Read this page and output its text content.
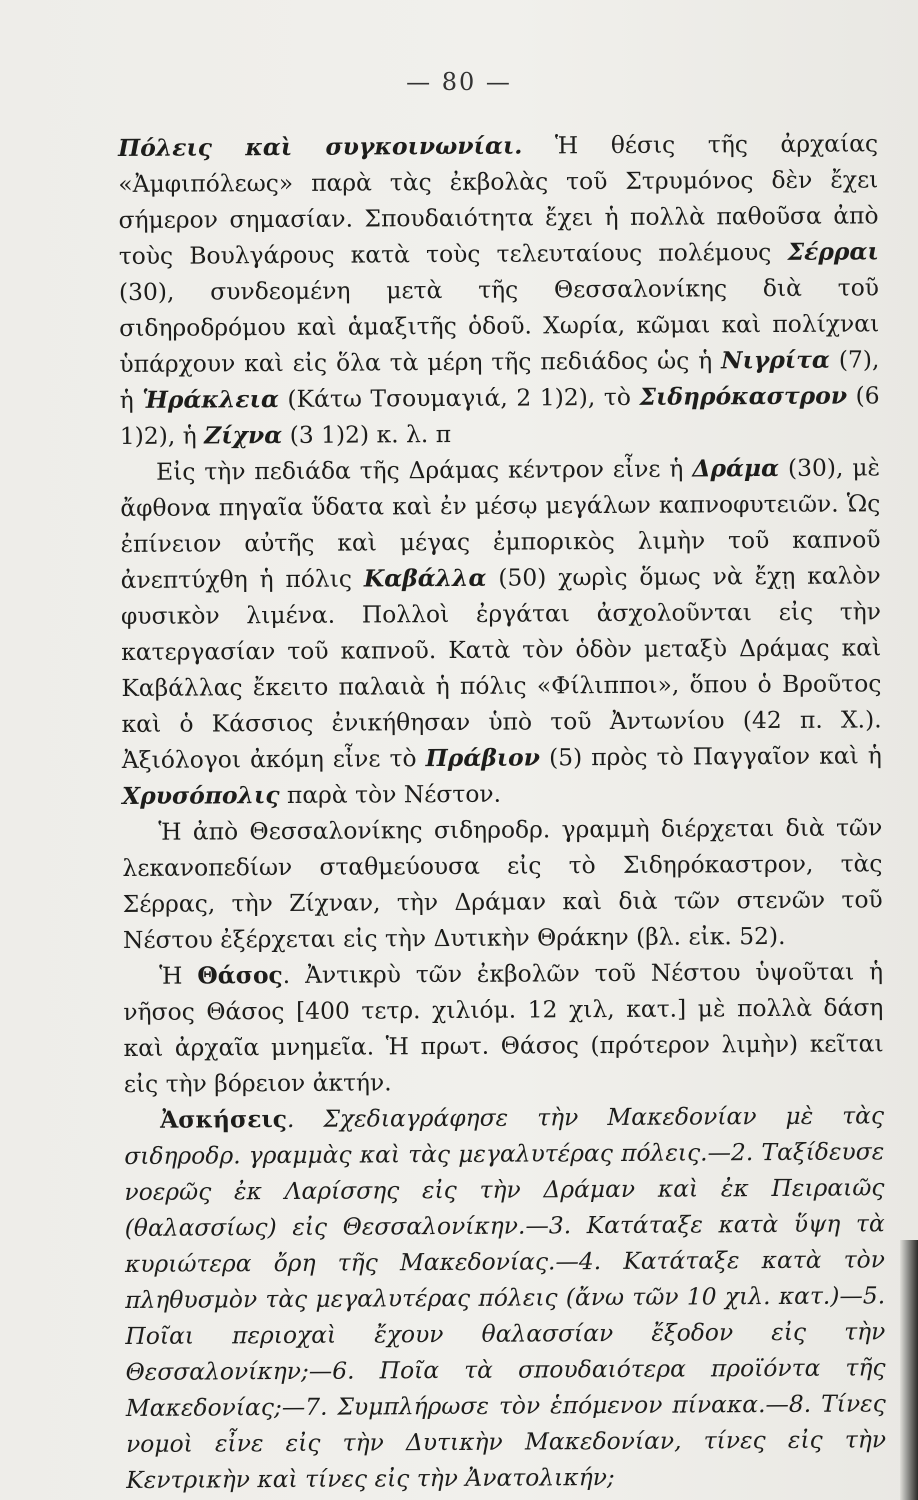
— 80 —

Πόλεις καὶ συγκοινωνίαι. Ἡ θέσις τῆς ἀρχαίας «Ἀμφιπόλεως» παρὰ τὰς ἐκβολὰς τοῦ Στρυμόνος δὲν ἔχει σήμερον σημασίαν. Σπουδαιότητα ἔχει ἡ πολλὰ παθοῦσα ἀπὸ τοὺς Βουλγάρους κατὰ τοὺς τελευταίους πολέμους Σέρραι (30), συνδεομένη μετὰ τῆς Θεσσαλονίκης διὰ τοῦ σιδηροδρόμου καὶ ἁμαξιτῆς ὁδοῦ. Χωρία, κῶμαι καὶ πολίχναι ὑπάρχουν καὶ εἰς ὅλα τὰ μέρη τῆς πεδιάδος ὡς ἡ Νιγρίτα (7), ἡ Ἡράκλεια (Κάτω Τσουμαγιά, 2 1)2), τὸ Σιδηρόκαστρον (6 1)2), ἡ Ζίχνα (3 1)2) κ. λ. π

Εἰς τὴν πεδιάδα τῆς Δράμας κέντρον εἶνε ἡ Δράμα (30), μὲ ἄφθονα πηγαῖα ὕδατα καὶ ἐν μέσῳ μεγάλων καπνοφυτειῶν. Ὡς ἐπίνειον αὐτῆς καὶ μέγας ἐμπορικὸς λιμὴν τοῦ καπνοῦ ἀνεπτύχθη ἡ πόλις Καβάλλα (50) χωρὶς ὅμως νὰ ἔχῃ καλὸν φυσικὸν λιμένα. Πολλοὶ ἐργάται ἀσχολοῦνται εἰς τὴν κατεργασίαν τοῦ καπνοῦ. Κατὰ τὸν ὁδὸν μεταξὺ Δράμας καὶ Καβάλλας ἔκειτο παλαιὰ ἡ πόλις «Φίλιπποι», ὅπου ὁ Βροῦτος καὶ ὁ Κάσσιος ἐνικήθησαν ὑπὸ τοῦ Ἀντωνίου (42 π. Χ.). Ἀξιόλογοι ἀκόμη εἶνε τὸ Πράβιον (5) πρὸς τὸ Παγγαῖον καὶ ἡ Χρυσόπολις παρὰ τὸν Νέστον.

Ἡ ἀπὸ Θεσσαλονίκης σιδηροδρ. γραμμὴ διέρχεται διὰ τῶν λεκανοπεδίων σταθμεύουσα εἰς τὸ Σιδηρόκαστρον, τὰς Σέρρας, τὴν Ζίχναν, τὴν Δράμαν καὶ διὰ τῶν στενῶν τοῦ Νέστου ἐξέρχεται εἰς τὴν Δυτικὴν Θράκην (βλ. εἰκ. 52).

Ἡ Θάσος. Ἀντικρὺ τῶν ἐκβολῶν τοῦ Νέστου ὑψοῦται ἡ νῆσος Θάσος [400 τετρ. χιλιόμ. 12 χιλ, κατ.] μὲ πολλὰ δάση καὶ ἀρχαῖα μνημεῖα. Ἡ πρωτ. Θάσος (πρότερον λιμὴν) κεῖται εἰς τὴν βόρειον ἀκτήν.

Ἀσκήσεις. Σχεδιαγράφησε τὴν Μακεδονίαν μὲ τὰς σιδηροδρ. γραμμὰς καὶ τὰς μεγαλυτέρας πόλεις.—2. Ταξίδευσε νοερῶς ἐκ Λαρίσσης εἰς τὴν Δράμαν καὶ ἐκ Πειραιῶς (θαλασσίως) εἰς Θεσσαλονίκην.—3. Κατάταξε κατὰ ὕψη τὰ κυριώτερα ὄρη τῆς Μακεδονίας.—4. Κατάταξε κατὰ τὸν πληθυσμὸν τὰς μεγαλυτέρας πόλεις (ἄνω τῶν 10 χιλ. κατ.)—5. Ποῖαι περιοχαὶ ἔχουν θαλασσίαν ἔξοδον εἰς τὴν Θεσσαλονίκην;—6. Ποῖα τὰ σπουδαιότερα προϊόντα τῆς Μακεδονίας;—7. Συμπλήρωσε τὸν ἑπόμενον πίνακα.—8. Τίνες νομοὶ εἶνε εἰς τὴν Δυτικὴν Μακεδονίαν, τίνες εἰς τὴν Κεντρικὴν καὶ τίνες εἰς τὴν Ἀνατολικήν;
